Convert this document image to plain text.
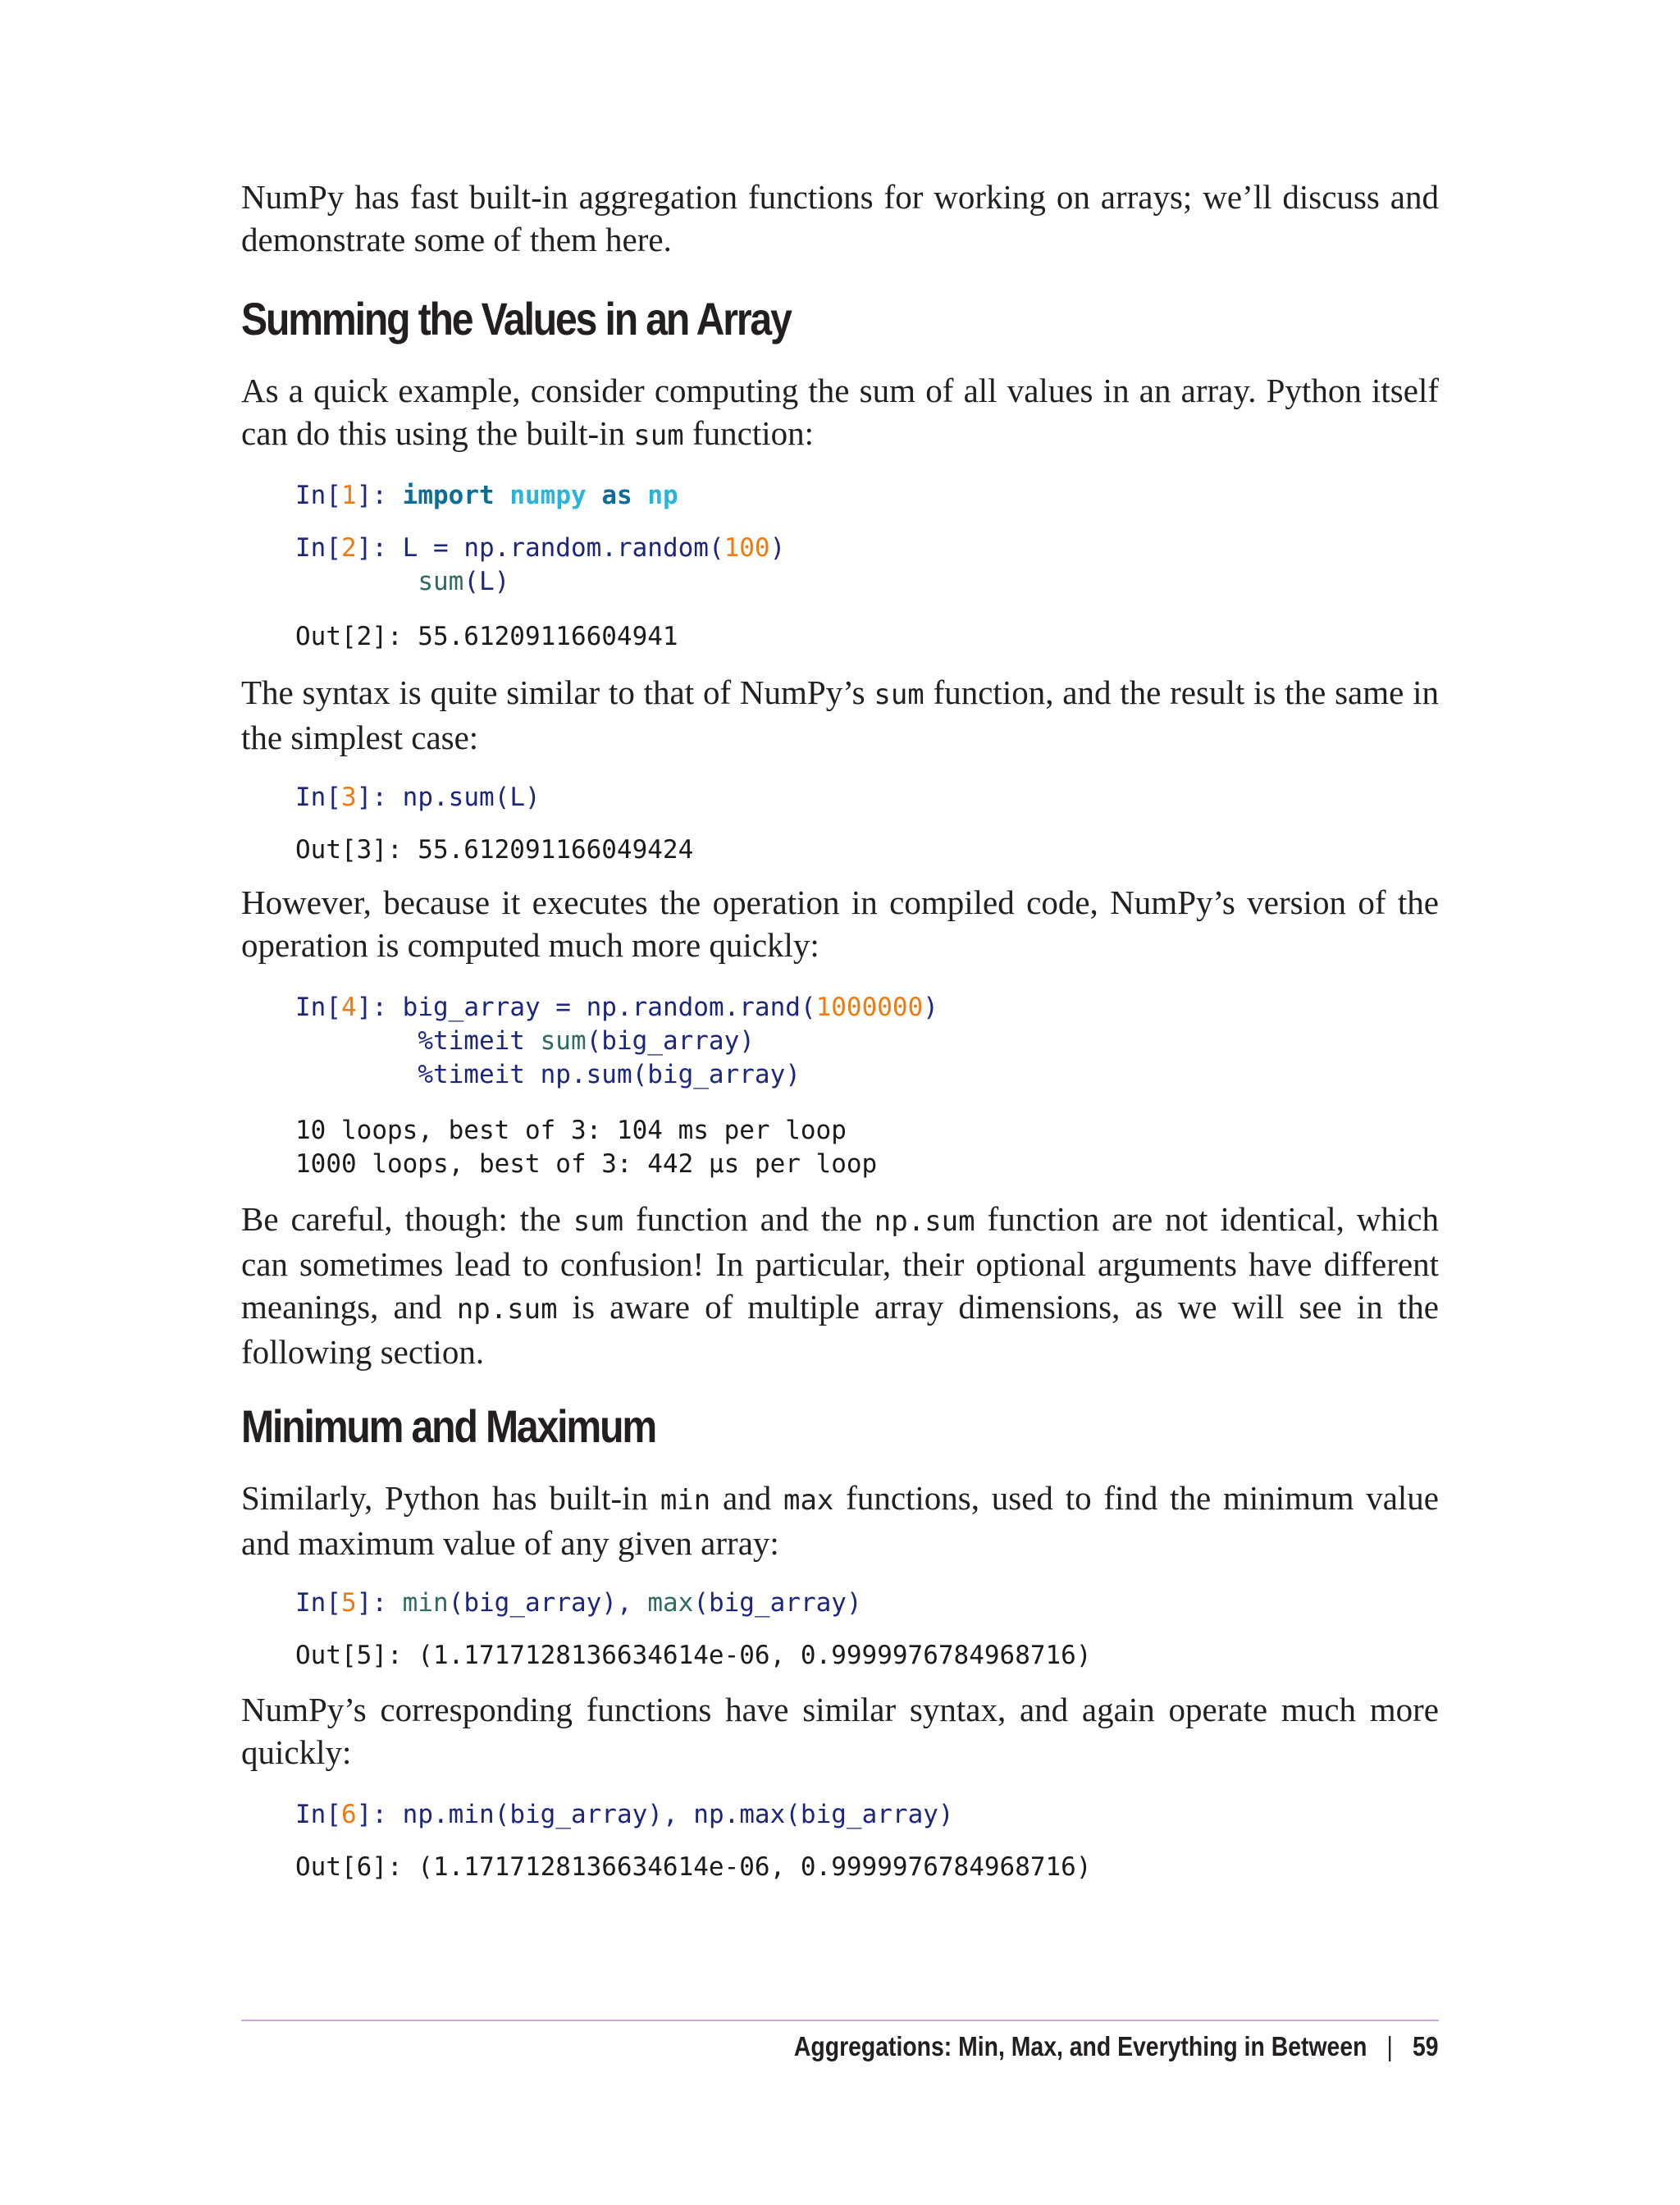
NumPy has fast built-in aggregation functions for working on arrays; we’ll discuss and demonstrate some of them here.

Summing the Values in an Array

As a quick example, consider computing the sum of all values in an array. Python itself can do this using the built-in sum function:

In[1]: import numpy as np
In[2]: L = np.random.random(100)
sum(L)
Out[2]: 55.61209116604941

The syntax is quite similar to that of NumPy’s sum function, and the result is the same in the simplest case:

In[3]: np.sum(L)
Out[3]: 55.612091166049424

However, because it executes the operation in compiled code, NumPy’s version of the operation is computed much more quickly:

In[4]: big_array = np.random.rand(1000000)
%timeit sum(big_array)
%timeit np.sum(big_array)
10 loops, best of 3: 104 ms per loop
1000 loops, best of 3: 442 µs per loop

Be careful, though: the sum function and the np.sum function are not identical, which can sometimes lead to confusion! In particular, their optional arguments have different meanings, and np.sum is aware of multiple array dimensions, as we will see in the following section.

Minimum and Maximum

Similarly, Python has built-in min and max functions, used to find the minimum value and maximum value of any given array:

In[5]: min(big_array), max(big_array)
Out[5]: (1.1717128136634614e-06, 0.9999976784968716)

NumPy’s corresponding functions have similar syntax, and again operate much more quickly:

In[6]: np.min(big_array), np.max(big_array)
Out[6]: (1.1717128136634614e-06, 0.9999976784968716)
Aggregations: Min, Max, and Everything in Between | 59
